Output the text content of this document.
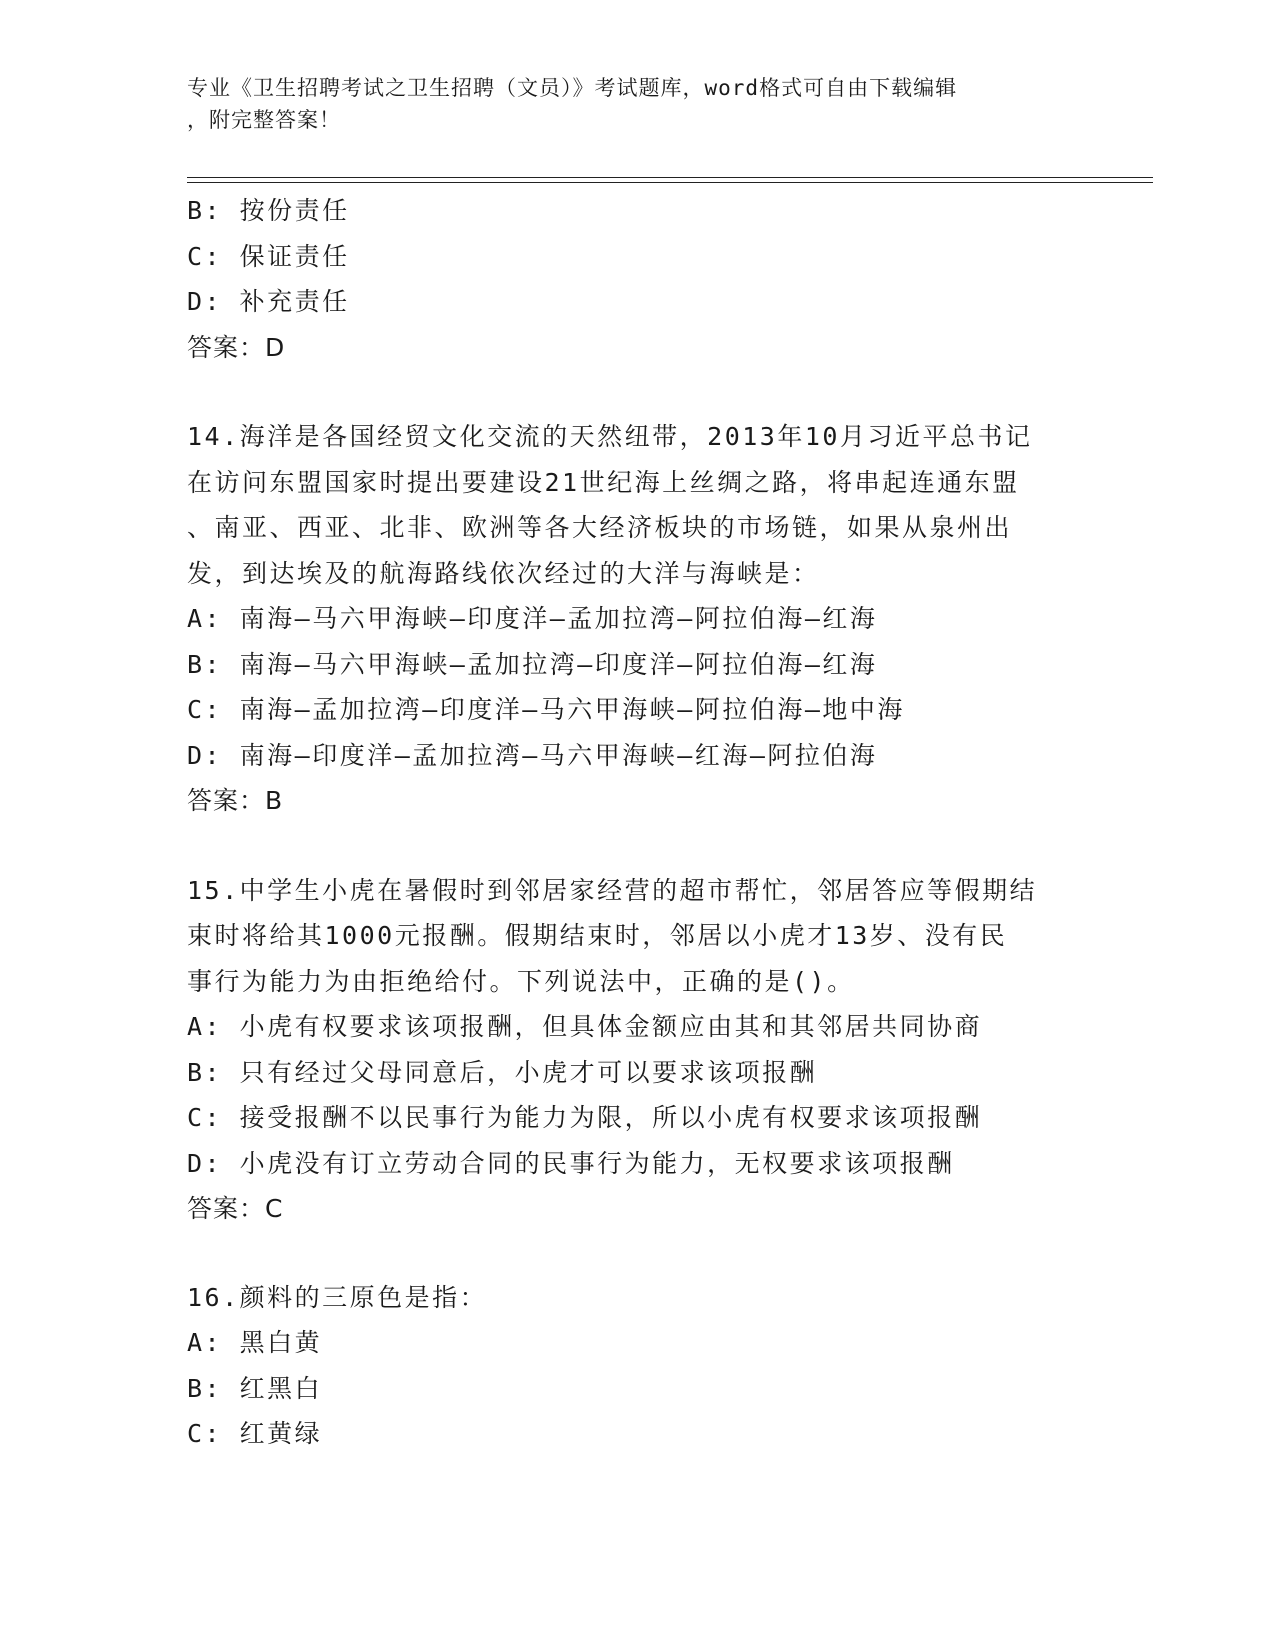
专业《卫生招聘考试之卫生招聘（文员）》考试题库，word格式可自由下载编辑
，附完整答案！
B: 按份责任
C: 保证责任
D: 补充责任
答案：D
14.海洋是各国经贸文化交流的天然纽带，2013年10月习近平总书记
在访问东盟国家时提出要建设21世纪海上丝绸之路，将串起连通东盟
、南亚、西亚、北非、欧洲等各大经济板块的市场链，如果从泉州出
发，到达埃及的航海路线依次经过的大洋与海峡是：
A: 南海—马六甲海峡—印度洋—孟加拉湾—阿拉伯海—红海
B: 南海—马六甲海峡—孟加拉湾—印度洋—阿拉伯海—红海
C: 南海—孟加拉湾—印度洋—马六甲海峡—阿拉伯海—地中海
D: 南海—印度洋—孟加拉湾—马六甲海峡—红海—阿拉伯海
答案：B
15.中学生小虎在暑假时到邻居家经营的超市帮忙，邻居答应等假期结
束时将给其1000元报酬。假期结束时，邻居以小虎才13岁、没有民
事行为能力为由拒绝给付。下列说法中，正确的是()。
A: 小虎有权要求该项报酬，但具体金额应由其和其邻居共同协商
B: 只有经过父母同意后，小虎才可以要求该项报酬
C: 接受报酬不以民事行为能力为限，所以小虎有权要求该项报酬
D: 小虎没有订立劳动合同的民事行为能力，无权要求该项报酬
答案：C
16.颜料的三原色是指：
A: 黑白黄
B: 红黑白
C: 红黄绿
